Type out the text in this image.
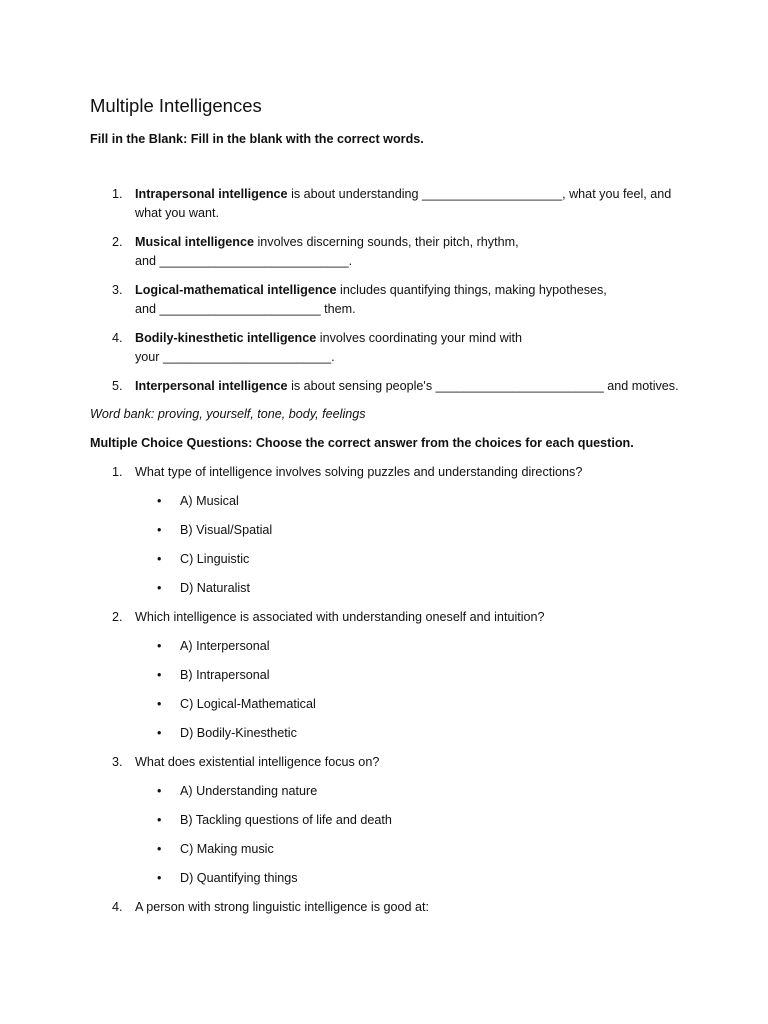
Multiple Intelligences

Fill in the Blank: Fill in the blank with the correct words.

1. Intrapersonal intelligence is about understanding ____________________, what you feel, and
what you want.
2. Musical intelligence involves discerning sounds, their pitch, rhythm,
and ___________________________.
3. Logical-mathematical intelligence includes quantifying things, making hypotheses,
and _______________________ them.
4. Bodily-kinesthetic intelligence involves coordinating your mind with
your ________________________.
5. Interpersonal intelligence is about sensing people's ________________________ and motives.

Word bank: proving, yourself, tone, body, feelings

Multiple Choice Questions: Choose the correct answer from the choices for each question.

1. What type of intelligence involves solving puzzles and understanding directions?
• A) Musical
• B) Visual/Spatial
• C) Linguistic
• D) Naturalist
2. Which intelligence is associated with understanding oneself and intuition?
• A) Interpersonal
• B) Intrapersonal
• C) Logical-Mathematical
• D) Bodily-Kinesthetic
3. What does existential intelligence focus on?
• A) Understanding nature
• B) Tackling questions of life and death
• C) Making music
• D) Quantifying things
4. A person with strong linguistic intelligence is good at:
